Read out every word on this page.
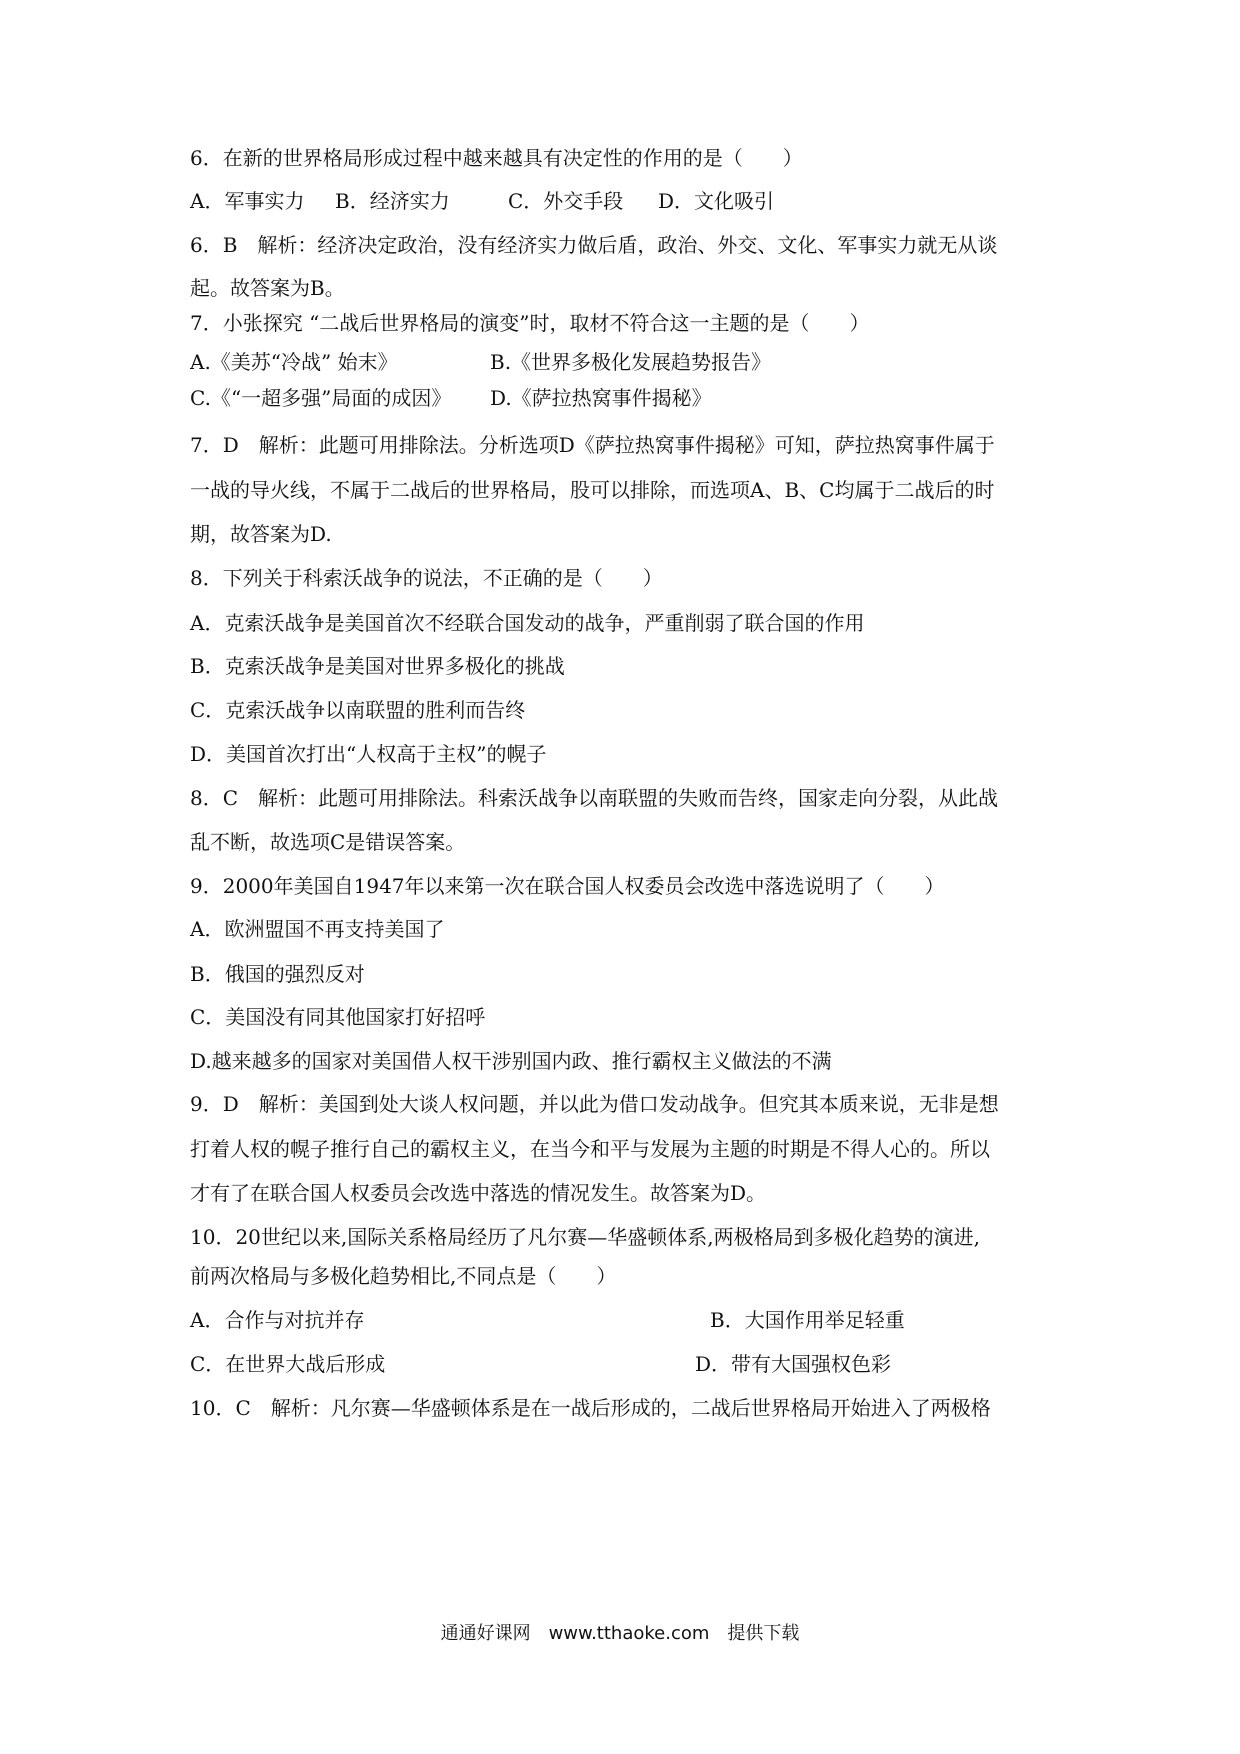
6．在新的世界格局形成过程中越来越具有决定性的作用的是（　　）
A．军事实力 B．经济实力	C．外交手段 D．文化吸引
6．B　解析：经济决定政治，没有经济实力做后盾，政治、外交、文化、军事实力就无从谈
起。故答案为B。
7．小张探究 “二战后世界格局的演变”时，取材不符合这一主题的是（　　）
A.《美苏“冷战” 始末》	B.《世界多极化发展趋势报告》
C.《“一超多强”局面的成因》 D.《萨拉热窝事件揭秘》
7．D　解析：此题可用排除法。分析选项D《萨拉热窝事件揭秘》可知，萨拉热窝事件属于
一战的导火线，不属于二战后的世界格局，股可以排除，而选项A、B、C均属于二战后的时
期，故答案为D.
8．下列关于科索沃战争的说法，不正确的是（　　）
A．克索沃战争是美国首次不经联合国发动的战争，严重削弱了联合国的作用
B．克索沃战争是美国对世界多极化的挑战
C．克索沃战争以南联盟的胜利而告终
D．美国首次打出“人权高于主权”的幌子
8．C　解析：此题可用排除法。科索沃战争以南联盟的失败而告终，国家走向分裂，从此战
乱不断，故选项C是错误答案。
9．2000年美国自1947年以来第一次在联合国人权委员会改选中落选说明了（　　）
A．欧洲盟国不再支持美国了
B．俄国的强烈反对
C．美国没有同其他国家打好招呼
D.越来越多的国家对美国借人权干涉别国内政、推行霸权主义做法的不满
9．D　解析：美国到处大谈人权问题，并以此为借口发动战争。但究其本质来说，无非是想
打着人权的幌子推行自己的霸权主义，在当今和平与发展为主题的时期是不得人心的。所以
才有了在联合国人权委员会改选中落选的情况发生。故答案为D。
10．20世纪以来,国际关系格局经历了凡尔赛—华盛顿体系,两极格局到多极化趋势的演进,
前两次格局与多极化趋势相比,不同点是（　　）
A．合作与对抗并存	B．大国作用举足轻重
C．在世界大战后形成	D．带有大国强权色彩
10．C　解析：凡尔赛—华盛顿体系是在一战后形成的，二战后世界格局开始进入了两极格
通通好课网　www.tthaoke.com　提供下载
